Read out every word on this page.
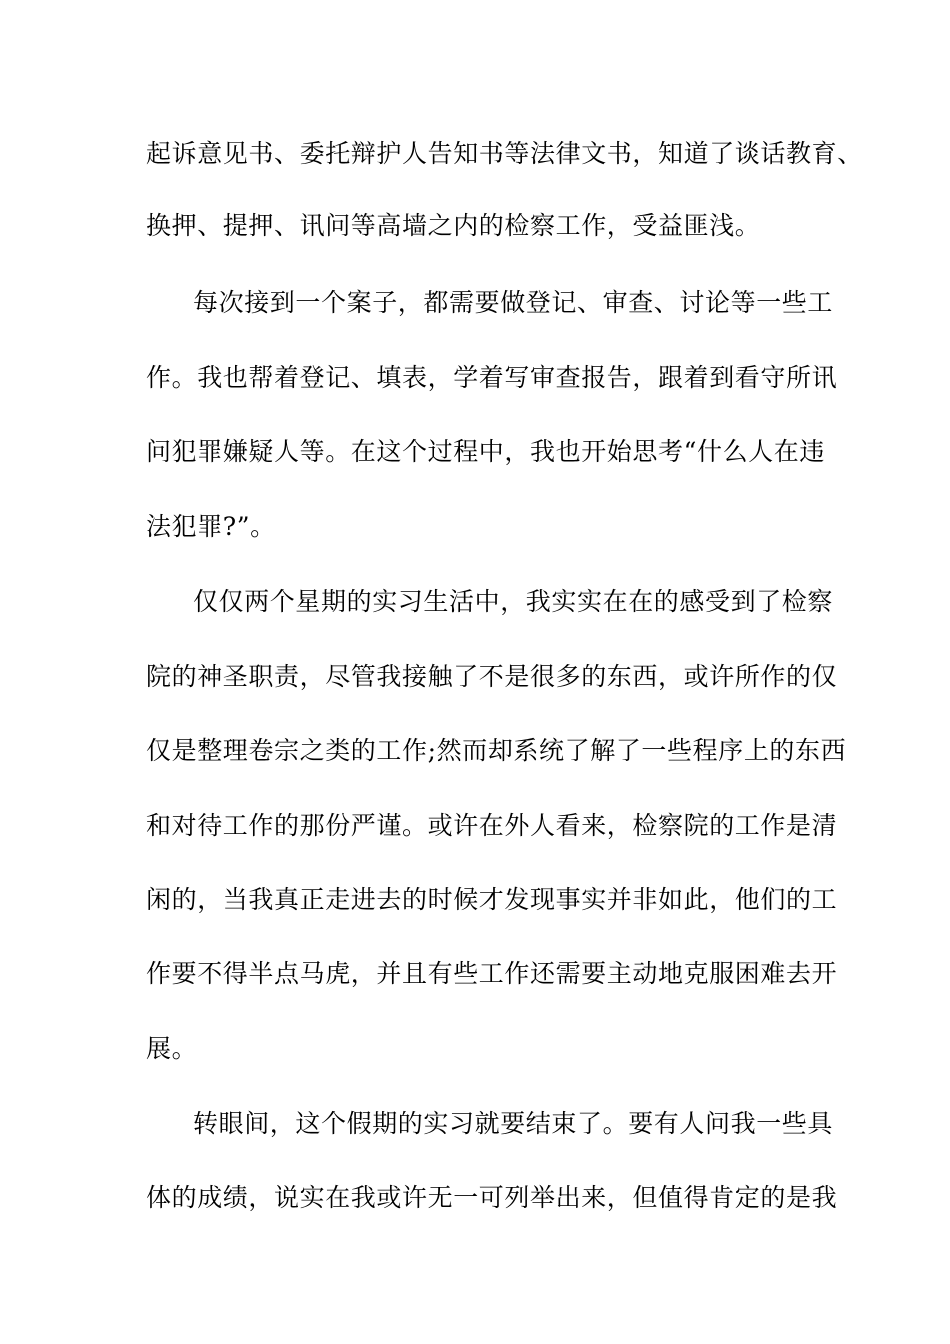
起诉意见书、委托辩护人告知书等法律文书，知道了谈话教育、
换押、提押、讯问等高墙之内的检察工作，受益匪浅。
每次接到一个案子，都需要做登记、审查、讨论等一些工
作。我也帮着登记、填表，学着写审查报告，跟着到看守所讯
问犯罪嫌疑人等。在这个过程中，我也开始思考“什么人在违
法犯罪?”。
仅仅两个星期的实习生活中，我实实在在的感受到了检察
院的神圣职责，尽管我接触了不是很多的东西，或许所作的仅
仅是整理卷宗之类的工作;然而却系统了解了一些程序上的东西
和对待工作的那份严谨。或许在外人看来，检察院的工作是清
闲的，当我真正走进去的时候才发现事实并非如此，他们的工
作要不得半点马虎，并且有些工作还需要主动地克服困难去开
展。
转眼间，这个假期的实习就要结束了。要有人问我一些具
体的成绩，说实在我或许无一可列举出来，但值得肯定的是我
